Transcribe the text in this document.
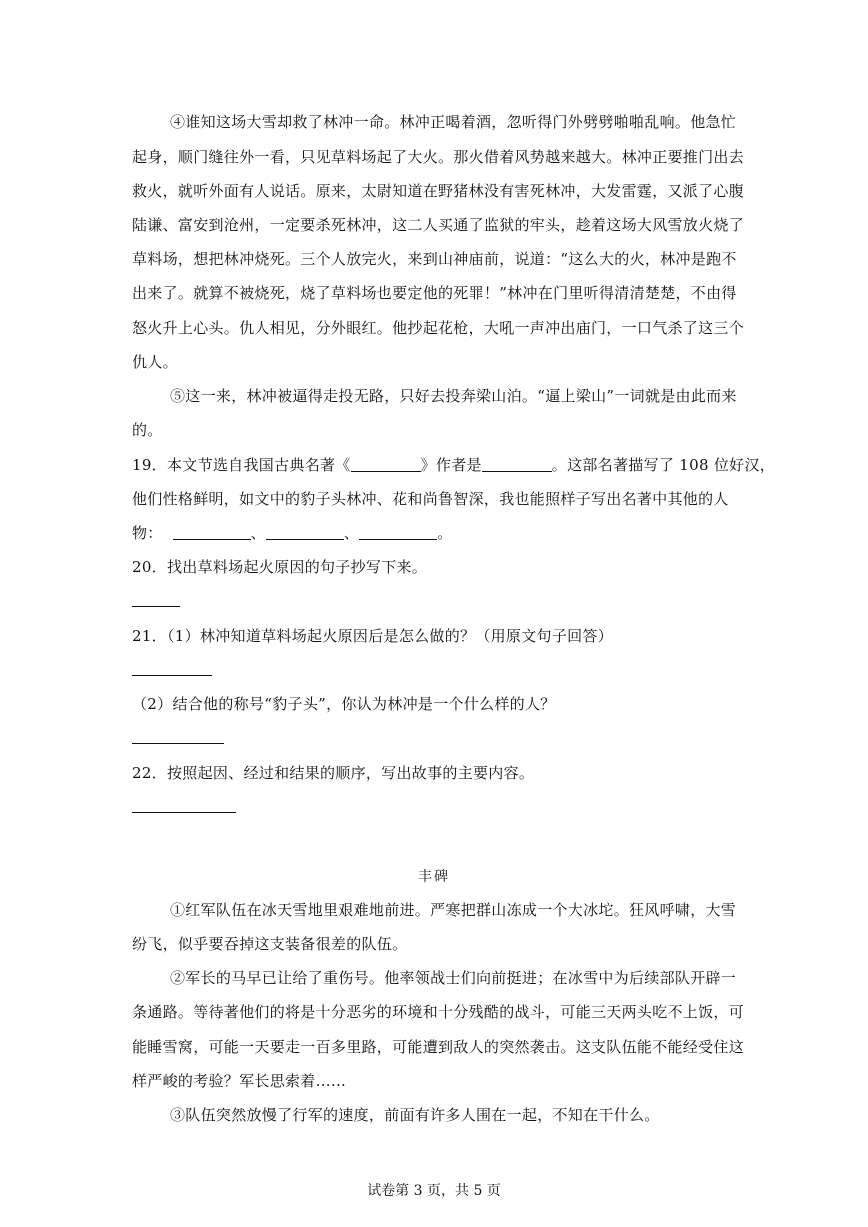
④谁知这场大雪却救了林冲一命。林冲正喝着酒，忽听得门外劈劈啪啪乱响。他急忙
起身，顺门缝往外一看，只见草料场起了大火。那火借着风势越来越大。林冲正要推门出去
救火，就听外面有人说话。原来，太尉知道在野猪林没有害死林冲，大发雷霆，又派了心腹
陆谦、富安到沧州，一定要杀死林冲，这二人买通了监狱的牢头，趁着这场大风雪放火烧了
草料场，想把林冲烧死。三个人放完火，来到山神庙前，说道：“这么大的火，林冲是跑不
出来了。就算不被烧死，烧了草料场也要定他的死罪！”林冲在门里听得清清楚楚，不由得
怒火升上心头。仇人相见，分外眼红。他抄起花枪，大吼一声冲出庙门，一口气杀了这三个
仇人。
⑤这一来，林冲被逼得走投无路，只好去投奔梁山泊。“逼上梁山”一词就是由此而来
的。
19．本文节选自我国古典名著《	》作者是	。这部名著描写了 108 位好汉，
他们性格鲜明，如文中的豹子头林冲、花和尚鲁智深，我也能照样子写出名著中其他的人
物：	、	、	。
20．找出草料场起火原因的句子抄写下来。
21．（1）林冲知道草料场起火原因后是怎么做的？（用原文句子回答）
（2）结合他的称号“豹子头”，你认为林冲是一个什么样的人？
22．按照起因、经过和结果的顺序，写出故事的主要内容。
丰碑
①红军队伍在冰天雪地里艰难地前进。严寒把群山冻成一个大冰坨。狂风呼啸，大雪
纷飞，似乎要吞掉这支装备很差的队伍。
②军长的马早已让给了重伤号。他率领战士们向前挺进；在冰雪中为后续部队开辟一
条通路。等待著他们的将是十分恶劣的环境和十分残酷的战斗，可能三天两头吃不上饭，可
能睡雪窝，可能一天要走一百多里路，可能遭到敌人的突然袭击。这支队伍能不能经受住这
样严峻的考验？军长思索着……
③队伍突然放慢了行军的速度，前面有许多人围在一起，不知在干什么。
试卷第 3 页，共 5 页
